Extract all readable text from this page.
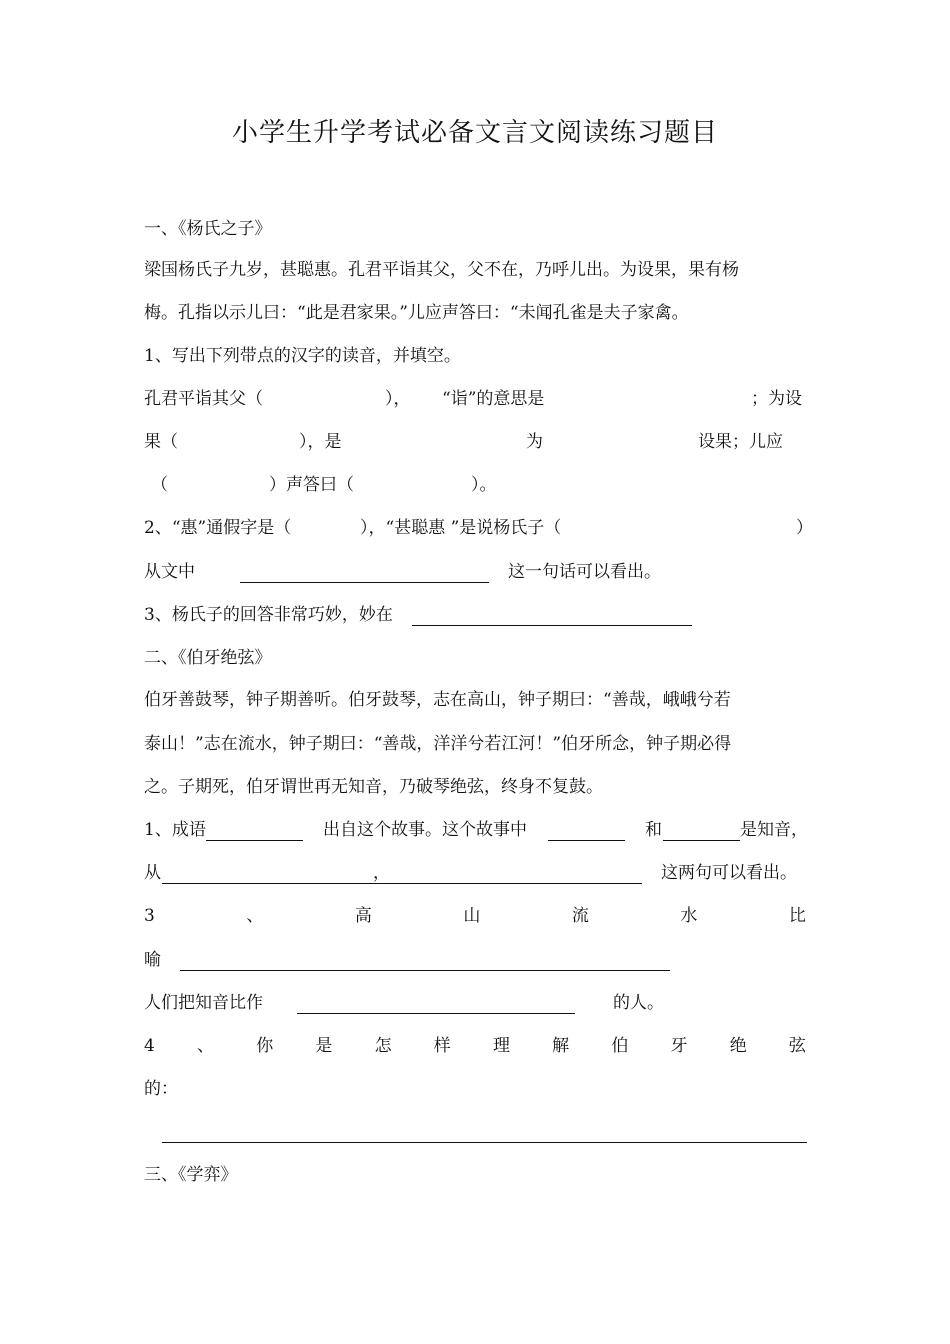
小学生升学考试必备文言文阅读练习题目
一、《杨氏之子》
梁国杨氏子九岁，甚聪惠。孔君平诣其父，父不在，乃呼儿出。为设果，果有杨
梅。孔指以示儿曰：“此是君家果。”儿应声答曰：“未闻孔雀是夫子家禽。
1、写出下列带点的汉字的读音，并填空。
孔君平诣其父（	）， “诣”的意思是	；为设
果（	），是	为	设果；儿应
（	）声答曰（	）。
2、“惠”通假字是（	），“甚聪惠 ”是说杨氏子（	）
从文中	这一句话可以看出。
3、杨氏子的回答非常巧妙，妙在
二、《伯牙绝弦》
伯牙善鼓琴，钟子期善听。伯牙鼓琴，志在高山，钟子期曰：“善哉，峨峨兮若
泰山！”志在流水，钟子期曰：“善哉，洋洋兮若江河！”伯牙所念，钟子期必得
之。子期死，伯牙谓世再无知音，乃破琴绝弦，终身不复鼓。
1、成语	出自这个故事。这个故事中	和	是知音，
从	，	这两句可以看出。
3	、	高	山	流	水	比
喻
人们把知音比作	的人。
4 、 你 是 怎 样 理 解 伯 牙 绝 弦
的：
三、《学弈》
